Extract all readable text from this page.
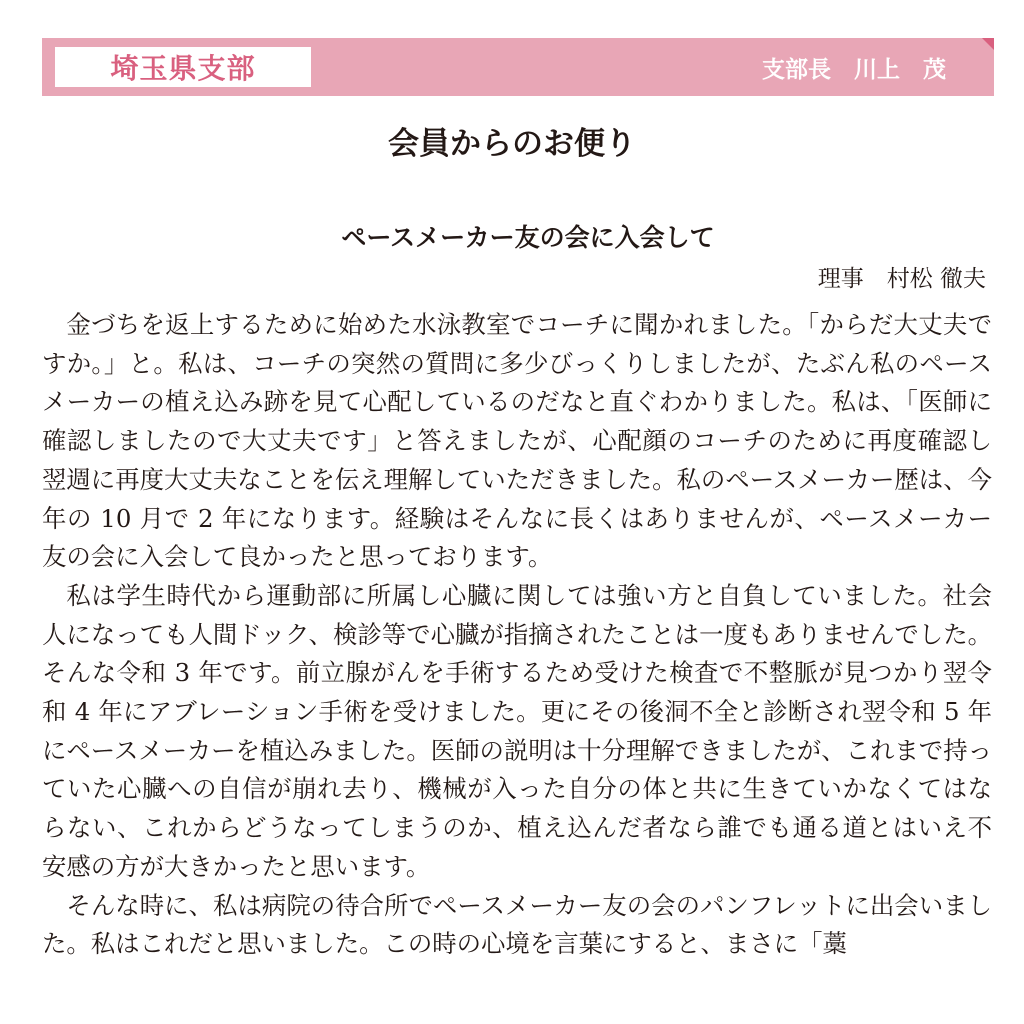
埼玉県支部	支部長　川上　茂
会員からのお便り
ペースメーカー友の会に入会して
理事　村松 徹夫

金づちを返上するために始めた水泳教室でコーチに聞かれました。「からだ大丈夫ですか。」と。私は、コーチの突然の質問に多少びっくりしましたが、たぶん私のペースメーカーの植え込み跡を見て心配しているのだなと直ぐわかりました。私は、「医師に確認しましたので大丈夫です」と答えましたが、心配顔のコーチのために再度確認し翌週に再度大丈夫なことを伝え理解していただきました。私のペースメーカー歴は、今年の 10 月で 2 年になります。経験はそんなに長くはありませんが、ペースメーカー友の会に入会して良かったと思っております。

私は学生時代から運動部に所属し心臓に関しては強い方と自負していました。社会人になっても人間ドック、検診等で心臓が指摘されたことは一度もありませんでした。そんな令和 3 年です。前立腺がんを手術するため受けた検査で不整脈が見つかり翌令和 4 年にアブレーション手術を受けました。更にその後洞不全と診断され翌令和 5 年にペースメーカーを植込みました。医師の説明は十分理解できましたが、これまで持っていた心臓への自信が崩れ去り、機械が入った自分の体と共に生きていかなくてはならない、これからどうなってしまうのか、植え込んだ者なら誰でも通る道とはいえ不安感の方が大きかったと思います。

そんな時に、私は病院の待合所でペースメーカー友の会のパンフレットに出会いました。私はこれだと思いました。この時の心境を言葉にすると、まさに「藁
